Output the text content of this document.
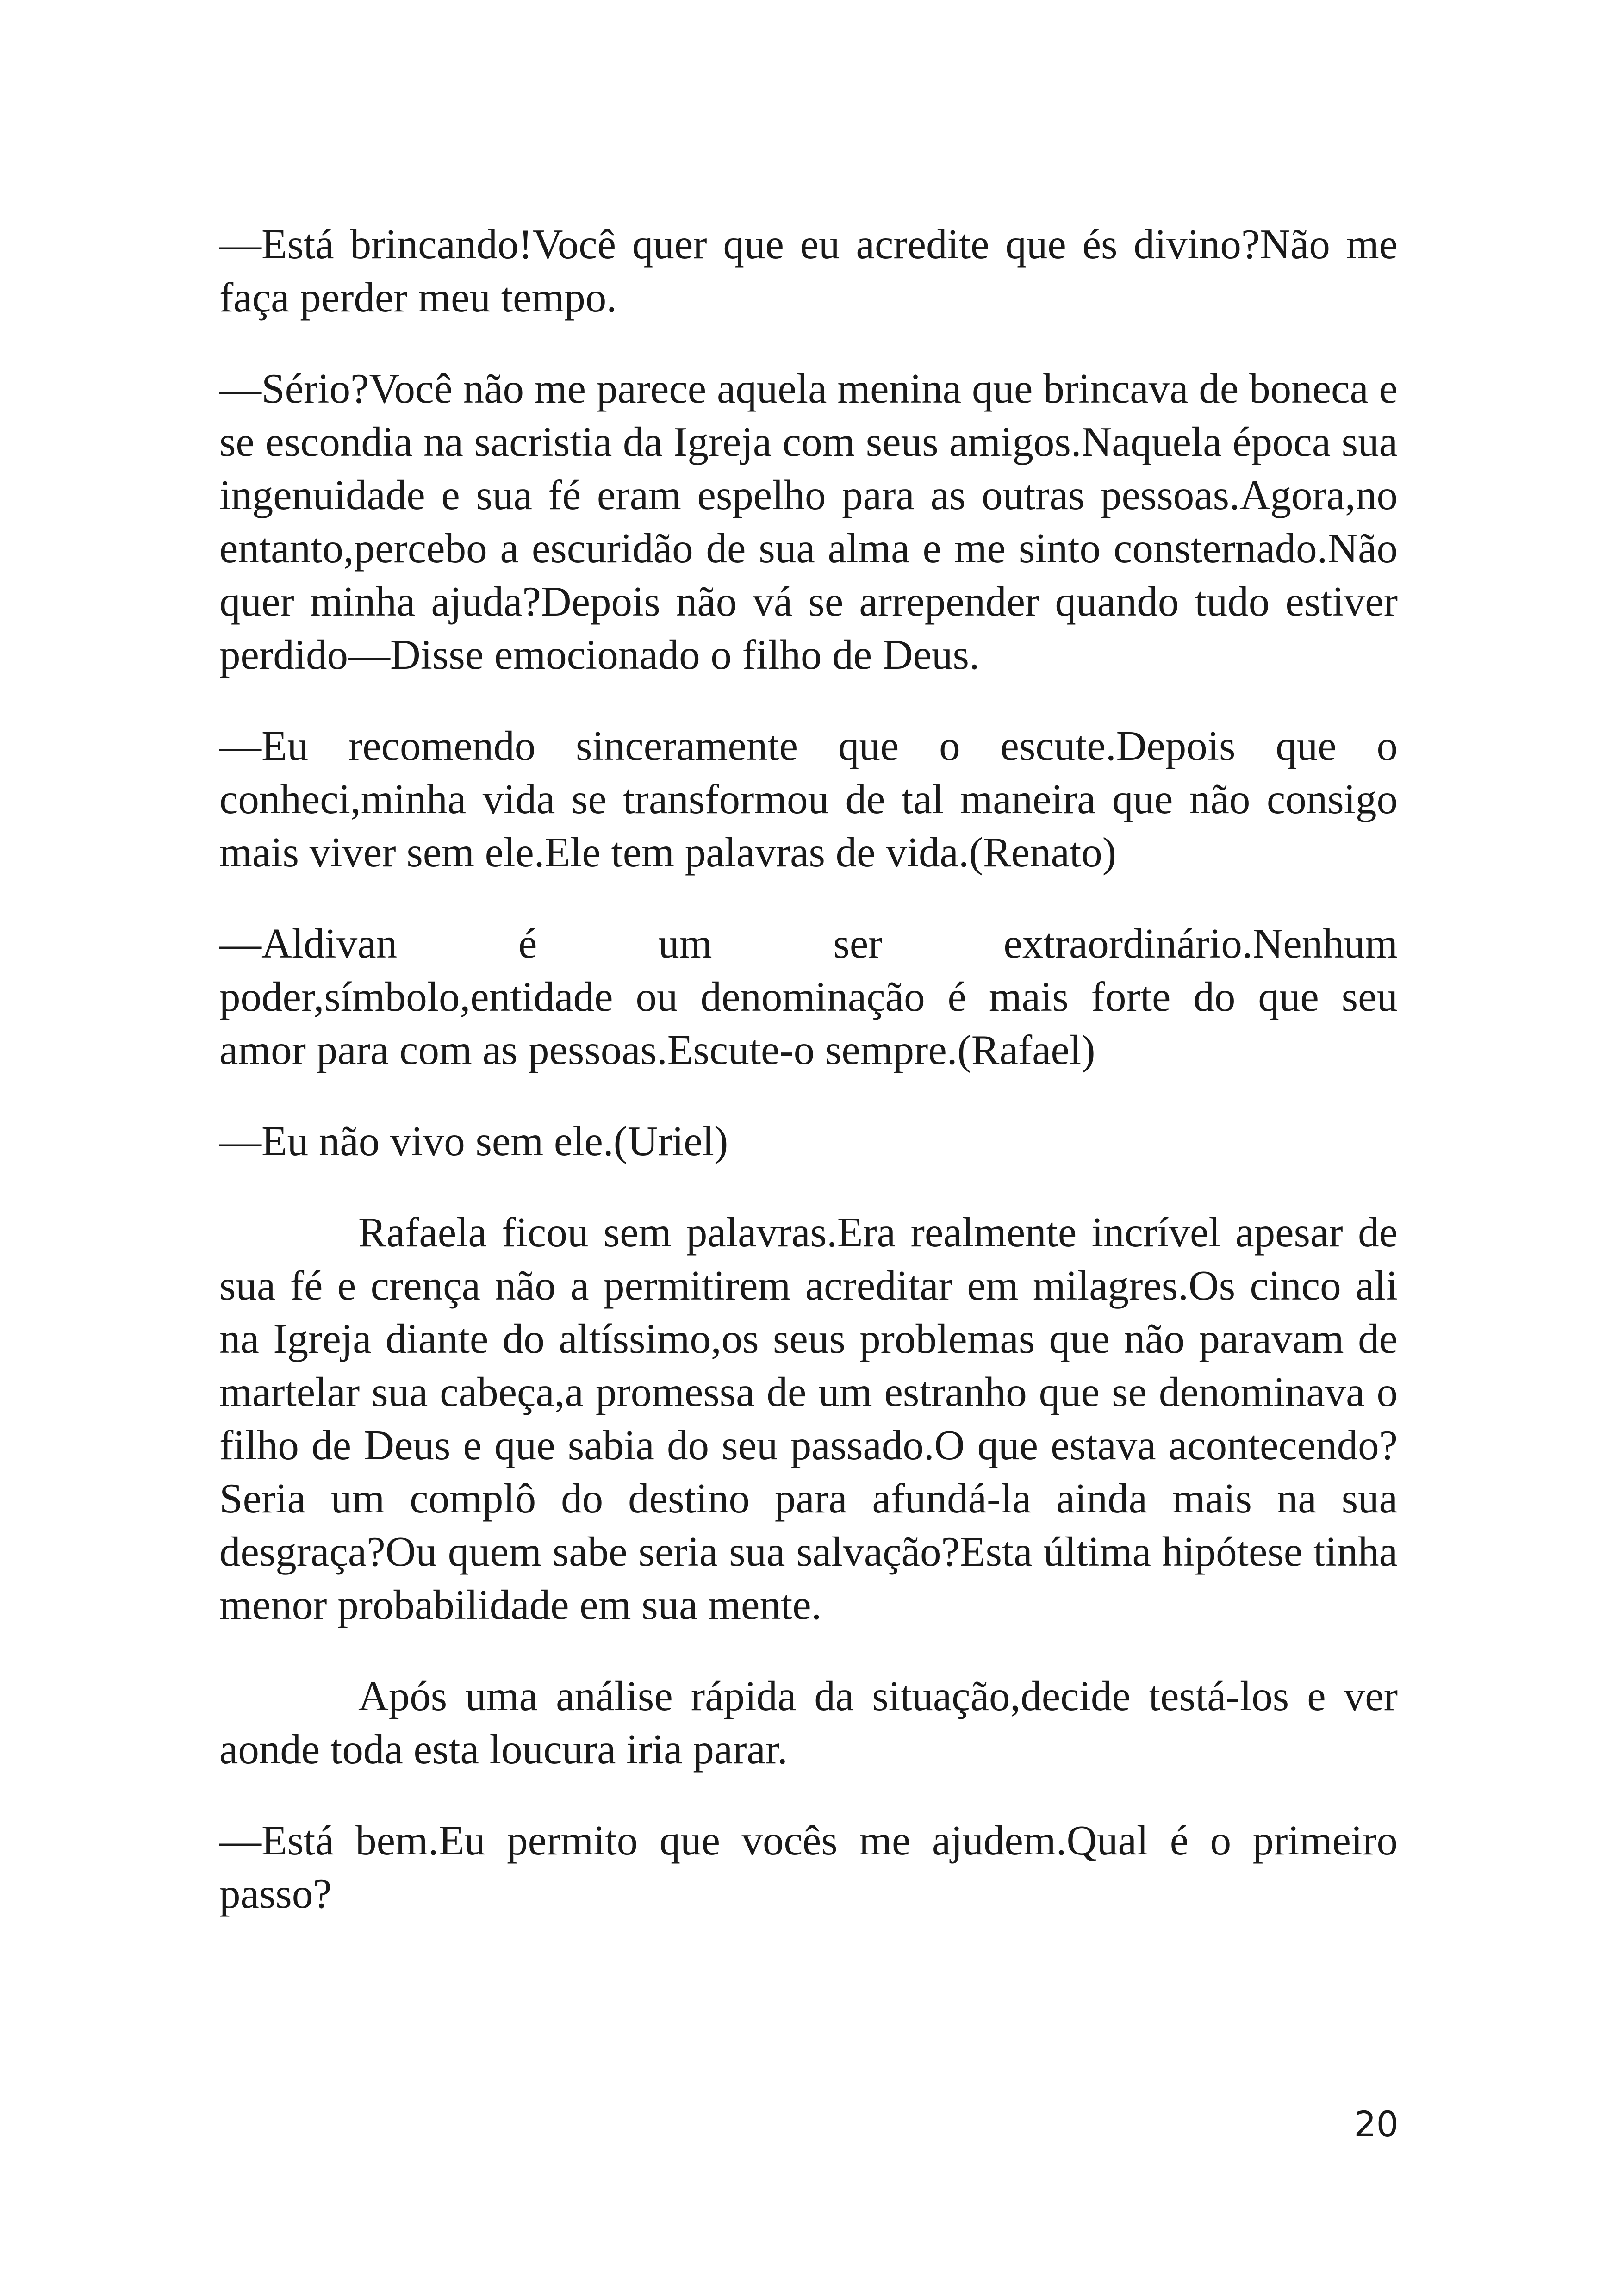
—Está brincando!Você quer que eu acredite que és divino?Não me faça perder meu tempo.

—Sério?Você não me parece aquela menina que brincava de boneca e se escondia na sacristia da Igreja com seus amigos.Naquela época sua ingenuidade e sua fé eram espelho para as outras pessoas.Agora,no entanto,percebo a escuridão de sua alma e me sinto consternado.Não quer minha ajuda?Depois não vá se arrepender quando tudo estiver perdido—Disse emocionado o filho de Deus.

—Eu recomendo sinceramente que o escute.Depois que o conheci,minha vida se transformou de tal maneira que não consigo mais viver sem ele.Ele tem palavras de vida.(Renato)

—Aldivan é um ser extraordinário.Nenhum

poder,símbolo,entidade ou denominação é mais forte do que seu amor para com as pessoas.Escute-o sempre.(Rafael)

—Eu não vivo sem ele.(Uriel)

Rafaela ficou sem palavras.Era realmente incrível apesar de sua fé e crença não a permitirem acreditar em milagres.Os cinco ali na Igreja diante do altíssimo,os seus problemas que não paravam de martelar sua cabeça,a promessa de um estranho que se denominava o filho de Deus e que sabia do seu passado.O que estava acontecendo?Seria um complô do destino para afundá-la ainda mais na sua desgraça?Ou quem sabe seria sua salvação?Esta última hipótese tinha menor probabilidade em sua mente.

Após uma análise rápida da situação,decide testá-los e ver aonde toda esta loucura iria parar.

—Está bem.Eu permito que vocês me ajudem.Qual é o primeiro passo?

20
